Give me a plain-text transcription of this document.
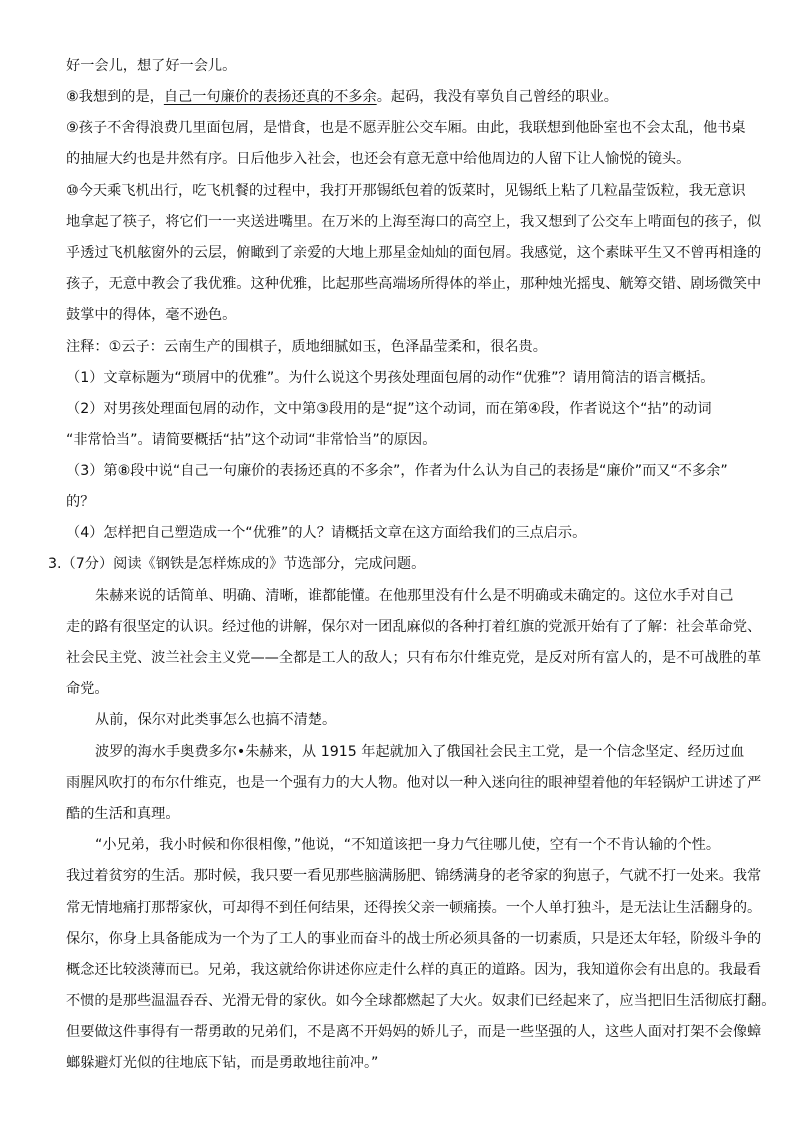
好一会儿，想了好一会儿。
⑧我想到的是，自己一句廉价的表扬还真的不多余。起码，我没有辜负自己曾经的职业。
⑨孩子不舍得浪费几里面包屑，是惜食，也是不愿弄脏公交车厢。由此，我联想到他卧室也不会太乱，他书桌
的抽屉大约也是井然有序。日后他步入社会，也还会有意无意中给他周边的人留下让人愉悦的镜头。
⑩今天乘飞机出行，吃飞机餐的过程中，我打开那锡纸包着的饭菜时，见锡纸上粘了几粒晶莹饭粒，我无意识
地拿起了筷子，将它们一一夹送进嘴里。在万米的上海至海口的高空上，我又想到了公交车上啃面包的孩子，似
乎透过飞机舷窗外的云层，俯瞰到了亲爱的大地上那星金灿灿的面包屑。我感觉，这个素昧平生又不曾再相逢的
孩子，无意中教会了我优雅。这种优雅，比起那些高端场所得体的举止，那种烛光摇曳、觥筹交错、剧场微笑中
鼓掌中的得体，毫不逊色。
注释：①云子：云南生产的围棋子，质地细腻如玉，色泽晶莹柔和，很名贵。
（1）文章标题为“琐屑中的优雅”。为什么说这个男孩处理面包屑的动作“优雅”？请用简洁的语言概括。
（2）对男孩处理面包屑的动作，文中第③段用的是“捉”这个动词，而在第④段，作者说这个“拈”的动词
“非常恰当”。请简要概括“拈”这个动词“非常恰当”的原因。
（3）第⑧段中说“自己一句廉价的表扬还真的不多余”，作者为什么认为自己的表扬是“廉价”而又“不多余”
的？
（4）怎样把自己塑造成一个“优雅”的人？请概括文章在这方面给我们的三点启示。
3.（7分）阅读《钢铁是怎样炼成的》节选部分，完成问题。
朱赫来说的话简单、明确、清晰，谁都能懂。在他那里没有什么是不明确或未确定的。这位水手对自己
走的路有很坚定的认识。经过他的讲解，保尔对一团乱麻似的各种打着红旗的党派开始有了了解：社会革命党、
社会民主党、波兰社会主义党——全都是工人的敌人；只有布尔什维克党，是反对所有富人的，是不可战胜的革
命党。
从前，保尔对此类事怎么也搞不清楚。
波罗的海水手奥费多尔•朱赫来，从 1915 年起就加入了俄国社会民主工党，是一个信念坚定、经历过血
雨腥风吹打的布尔什维克，也是一个强有力的大人物。他对以一种入迷向往的眼神望着他的年轻锅炉工讲述了严
酷的生活和真理。
“小兄弟，我小时候和你很相像，”他说，“不知道该把一身力气往哪儿使，空有一个不肯认输的个性。
我过着贫穷的生活。那时候，我只要一看见那些脑满肠肥、锦绣满身的老爷家的狗崽子，气就不打一处来。我常
常无情地痛打那帮家伙，可却得不到任何结果，还得挨父亲一顿痛揍。一个人单打独斗，是无法让生活翻身的。
保尔，你身上具备能成为一个为了工人的事业而奋斗的战士所必须具备的一切素质，只是还太年轻，阶级斗争的
概念还比较淡薄而已。兄弟，我这就给你讲述你应走什么样的真正的道路。因为，我知道你会有出息的。我最看
不惯的是那些温温吞吞、光滑无骨的家伙。如今全球都燃起了大火。奴隶们已经起来了，应当把旧生活彻底打翻。
但要做这件事得有一帮勇敢的兄弟们，不是离不开妈妈的娇儿子，而是一些坚强的人，这些人面对打架不会像蟑
螂躲避灯光似的往地底下钻，而是勇敢地往前冲。”
